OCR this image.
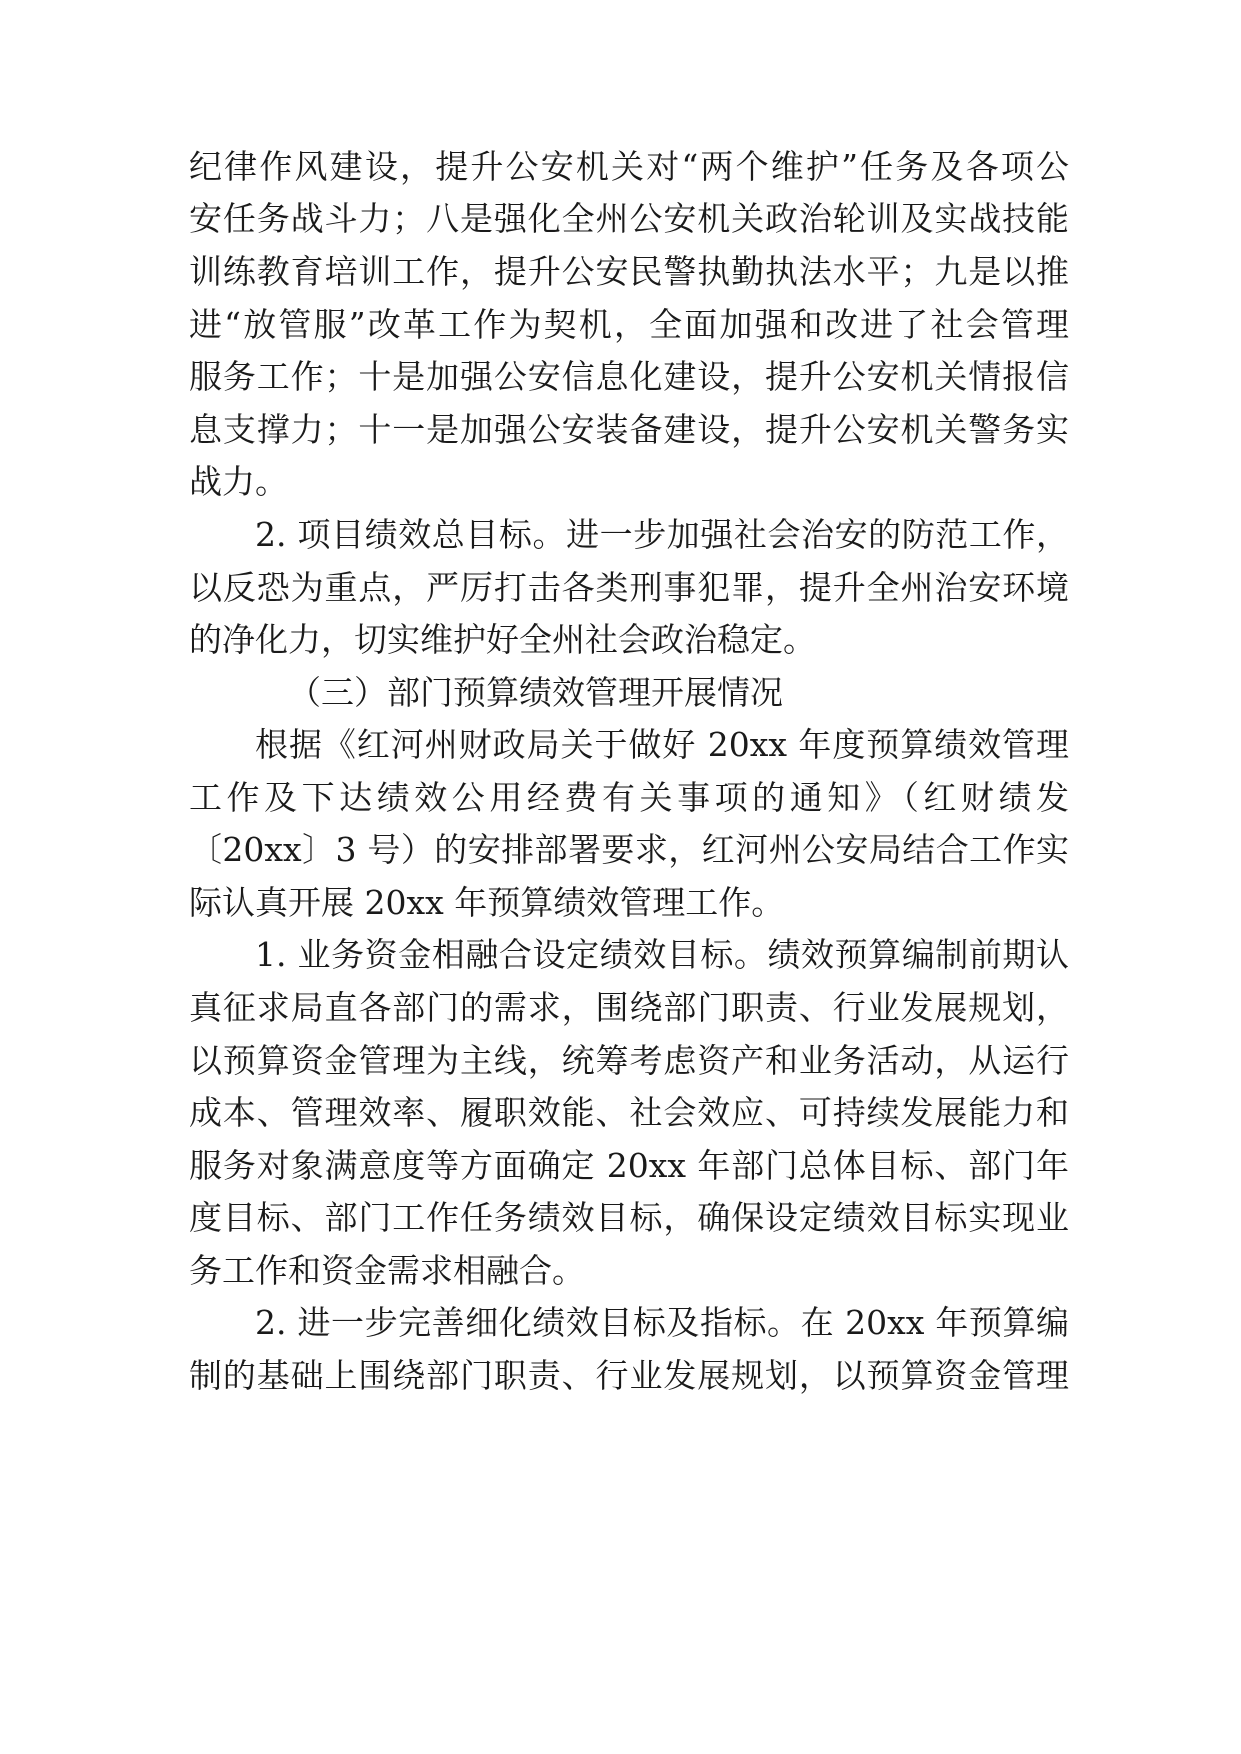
纪律作风建设，提升公安机关对“两个维护”任务及各项公
安任务战斗力；八是强化全州公安机关政治轮训及实战技能
训练教育培训工作，提升公安民警执勤执法水平；九是以推
进“放管服”改革工作为契机，全面加强和改进了社会管理
服务工作；十是加强公安信息化建设，提升公安机关情报信
息支撑力；十一是加强公安装备建设，提升公安机关警务实
战力。
2. 项目绩效总目标。进一步加强社会治安的防范工作，
以反恐为重点，严厉打击各类刑事犯罪，提升全州治安环境
的净化力，切实维护好全州社会政治稳定。
（三）部门预算绩效管理开展情况
根据《红河州财政局关于做好 20xx 年度预算绩效管理
工作及下达绩效公用经费有关事项的通知》（红财绩发
〔20xx〕3 号）的安排部署要求，红河州公安局结合工作实
际认真开展 20xx 年预算绩效管理工作。
1. 业务资金相融合设定绩效目标。绩效预算编制前期认
真征求局直各部门的需求，围绕部门职责、行业发展规划，
以预算资金管理为主线，统筹考虑资产和业务活动，从运行
成本、管理效率、履职效能、社会效应、可持续发展能力和
服务对象满意度等方面确定 20xx 年部门总体目标、部门年
度目标、部门工作任务绩效目标，确保设定绩效目标实现业
务工作和资金需求相融合。
2. 进一步完善细化绩效目标及指标。在 20xx 年预算编
制的基础上围绕部门职责、行业发展规划，以预算资金管理
